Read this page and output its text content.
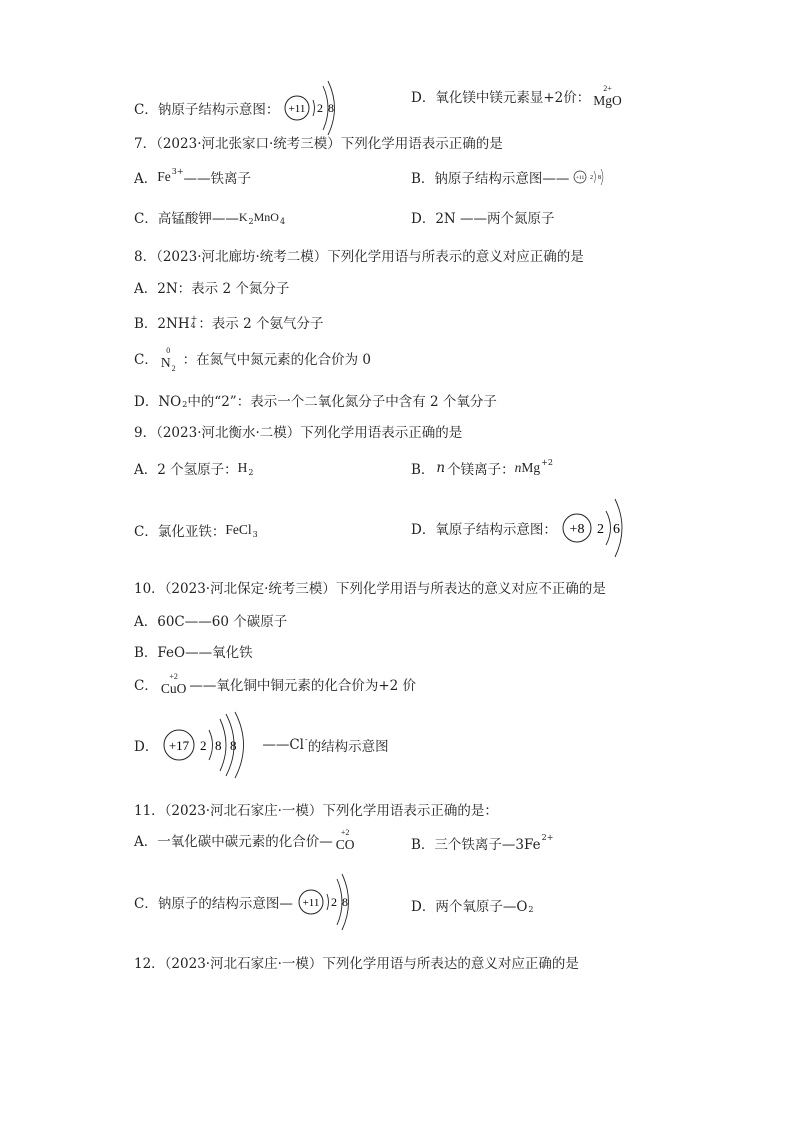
C．钠原子结构示意图： +11 2 8
D．氧化镁中镁元素显+2价：
2+
MgO
7．（2023·河北张家口·统考三模）下列化学用语表示正确的是
A． Fe 3+ ——铁离子	B．钠原子结构示意图—— +11 2 8
C．高锰酸钾—— K 2 MnO 4	D．2N ——两个氮原子
8．（2023·河北廊坊·统考二模）下列化学用语与所表示的意义对应正确的是
A．2N：表示 2 个氮分子
B．2NH +
4 ：表示 2 个氨气分子
C．
0
$N_2$
：在氮气中氮元素的化合价为 0
D．NO 2 中的“2”：表示一个二氧化氮分子中含有 2 个氧分子
9．（2023·河北衡水·二模）下列化学用语表示正确的是
A．2 个氢原子： H 2	B． n 个镁离子： n Mg +2
C．氯化亚铁： FeCl 3	D．氧原子结构示意图： +8 2 6
10．（2023·河北保定·统考三模）下列化学用语与所表达的意义对应不正确的是
A．60C——60 个碳原子
B．FeO——氧化铁
C．
+2
CuO ——氧化铜中铜元素的化合价为+2 价
D． +17 2 8 8 ——Cl - 的结构示意图
11．（2023·河北石家庄·一模）下列化学用语表示正确的是：
A．一氧化碳中碳元素的化合价—
+2
CO	B．三个铁离子—3Fe 2+
C．钠原子的结构示意图— +11 2 8	D．两个氧原子—O 2
12．（2023·河北石家庄·一模）下列化学用语与所表达的意义对应正确的是
